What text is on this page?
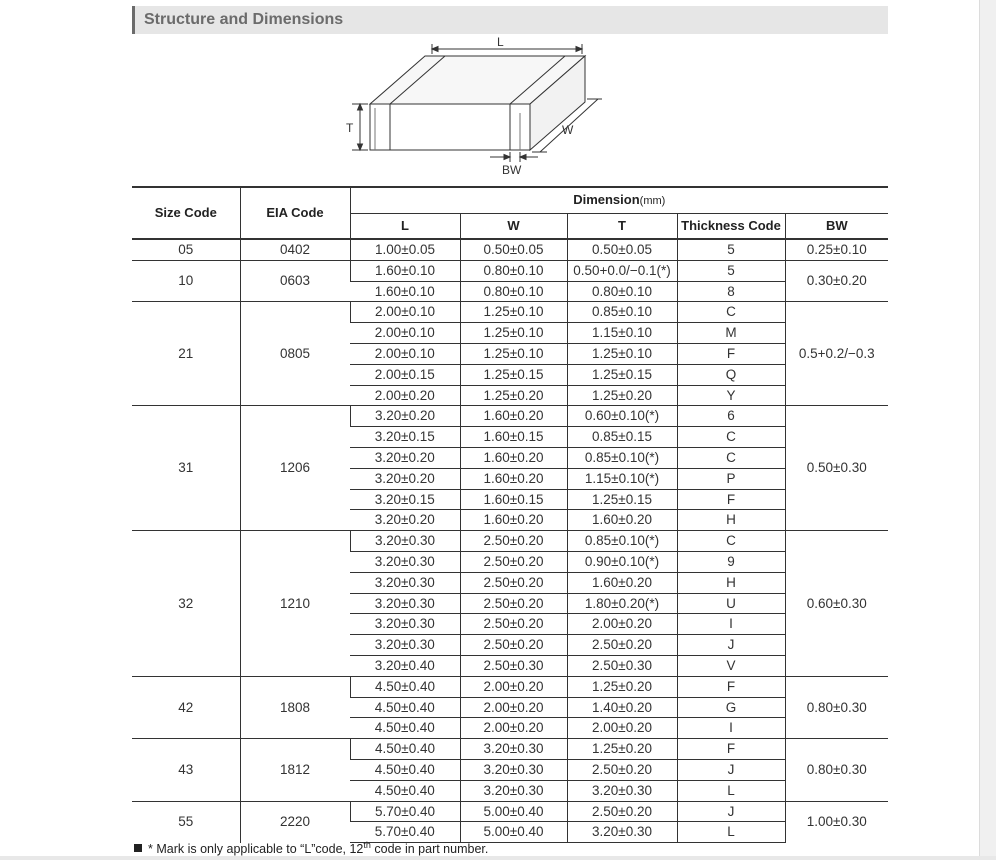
Structure and Dimensions
L
T	W
BW
Size Code	EIA Code	Dimension(mm)				
		L	W	T	Thickness Code	BW
05	0402	1.00±0.05	0.50±0.05	0.50±0.05	5	0.25±0.10
10	0603	1.60±0.10	0.80±0.10	0.50+0.0/−0.1(*)	5	0.30±0.20
		1.60±0.10	0.80±0.10	0.80±0.10	8	
21	0805	2.00±0.10	1.25±0.10	0.85±0.10	C	0.5+0.2/−0.3
		2.00±0.10	1.25±0.10	1.15±0.10	M	
		2.00±0.10	1.25±0.10	1.25±0.10	F	
		2.00±0.15	1.25±0.15	1.25±0.15	Q	
		2.00±0.20	1.25±0.20	1.25±0.20	Y	
31	1206	3.20±0.20	1.60±0.20	0.60±0.10(*)	6	0.50±0.30
		3.20±0.15	1.60±0.15	0.85±0.15	C	
		3.20±0.20	1.60±0.20	0.85±0.10(*)	C	
		3.20±0.20	1.60±0.20	1.15±0.10(*)	P	
		3.20±0.15	1.60±0.15	1.25±0.15	F	
		3.20±0.20	1.60±0.20	1.60±0.20	H	
32	1210	3.20±0.30	2.50±0.20	0.85±0.10(*)	C	0.60±0.30
		3.20±0.30	2.50±0.20	0.90±0.10(*)	9	
		3.20±0.30	2.50±0.20	1.60±0.20	H	
		3.20±0.30	2.50±0.20	1.80±0.20(*)	U	
		3.20±0.30	2.50±0.20	2.00±0.20	I	
		3.20±0.30	2.50±0.20	2.50±0.20	J	
		3.20±0.40	2.50±0.30	2.50±0.30	V	
42	1808	4.50±0.40	2.00±0.20	1.25±0.20	F	0.80±0.30
		4.50±0.40	2.00±0.20	1.40±0.20	G	
		4.50±0.40	2.00±0.20	2.00±0.20	I	
43	1812	4.50±0.40	3.20±0.30	1.25±0.20	F	0.80±0.30
		4.50±0.40	3.20±0.30	2.50±0.20	J	
		4.50±0.40	3.20±0.30	3.20±0.30	L	
55	2220	5.70±0.40	5.00±0.40	2.50±0.20	J	1.00±0.30
		5.70±0.40	5.00±0.40	3.20±0.30	L	
* Mark is only applicable to “L”code, 12th code in part number.
